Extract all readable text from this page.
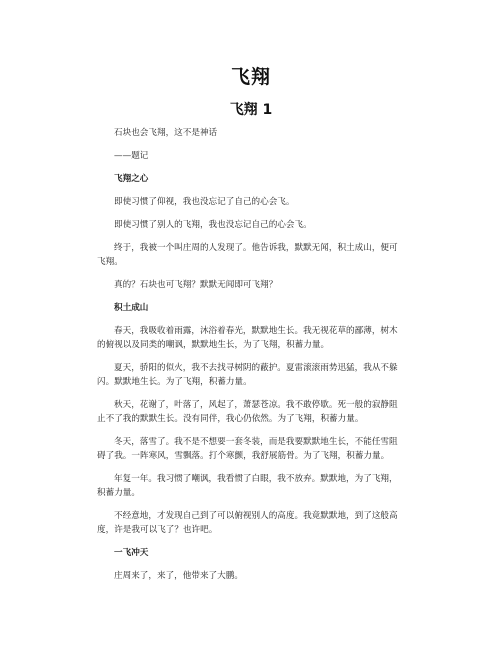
飞翔
飞翔 1

石块也会飞翔，这不是神话

——题记

飞翔之心

即使习惯了仰视，我也没忘记了自己的心会飞。

即使习惯了别人的飞翔，我也没忘记自己的心会飞。

终于，我被一个叫庄周的人发现了。他告诉我，默默无闻，积土成山，便可飞翔。

真的？石块也可飞翔？默默无闻即可飞翔？

积土成山

春天，我吸收着雨露，沐浴着春光，默默地生长。我无视花草的鄙薄，树木的俯视以及同类的嘲讽，默默地生长，为了飞翔，积蓄力量。

夏天，骄阳的似火，我不去找寻树阴的蔽护。夏雷滚滚雨势迅猛，我从不躲闪。默默地生长。为了飞翔，积蓄力量。

秋天，花谢了，叶落了，风起了，萧瑟苍凉。我不敢停歇。死一般的寂静阻止不了我的默默生长。没有同伴，我心仍依然。为了飞翔，积蓄力量。

冬天，落雪了。我不是不想要一套冬装，而是我要默默地生长，不能任雪阻碍了我。一阵寒风，雪飘落。打个寒颤，我舒展筋骨。为了飞翔，积蓄力量。

年复一年。我习惯了嘲讽，我看惯了白眼，我不放弃。默默地，为了飞翔，积蓄力量。

不经意地，才发现自己到了可以俯视别人的高度。我竟默默地，到了这般高度，许是我可以飞了？也许吧。

一飞冲天

庄周来了，来了，他带来了大鹏。
